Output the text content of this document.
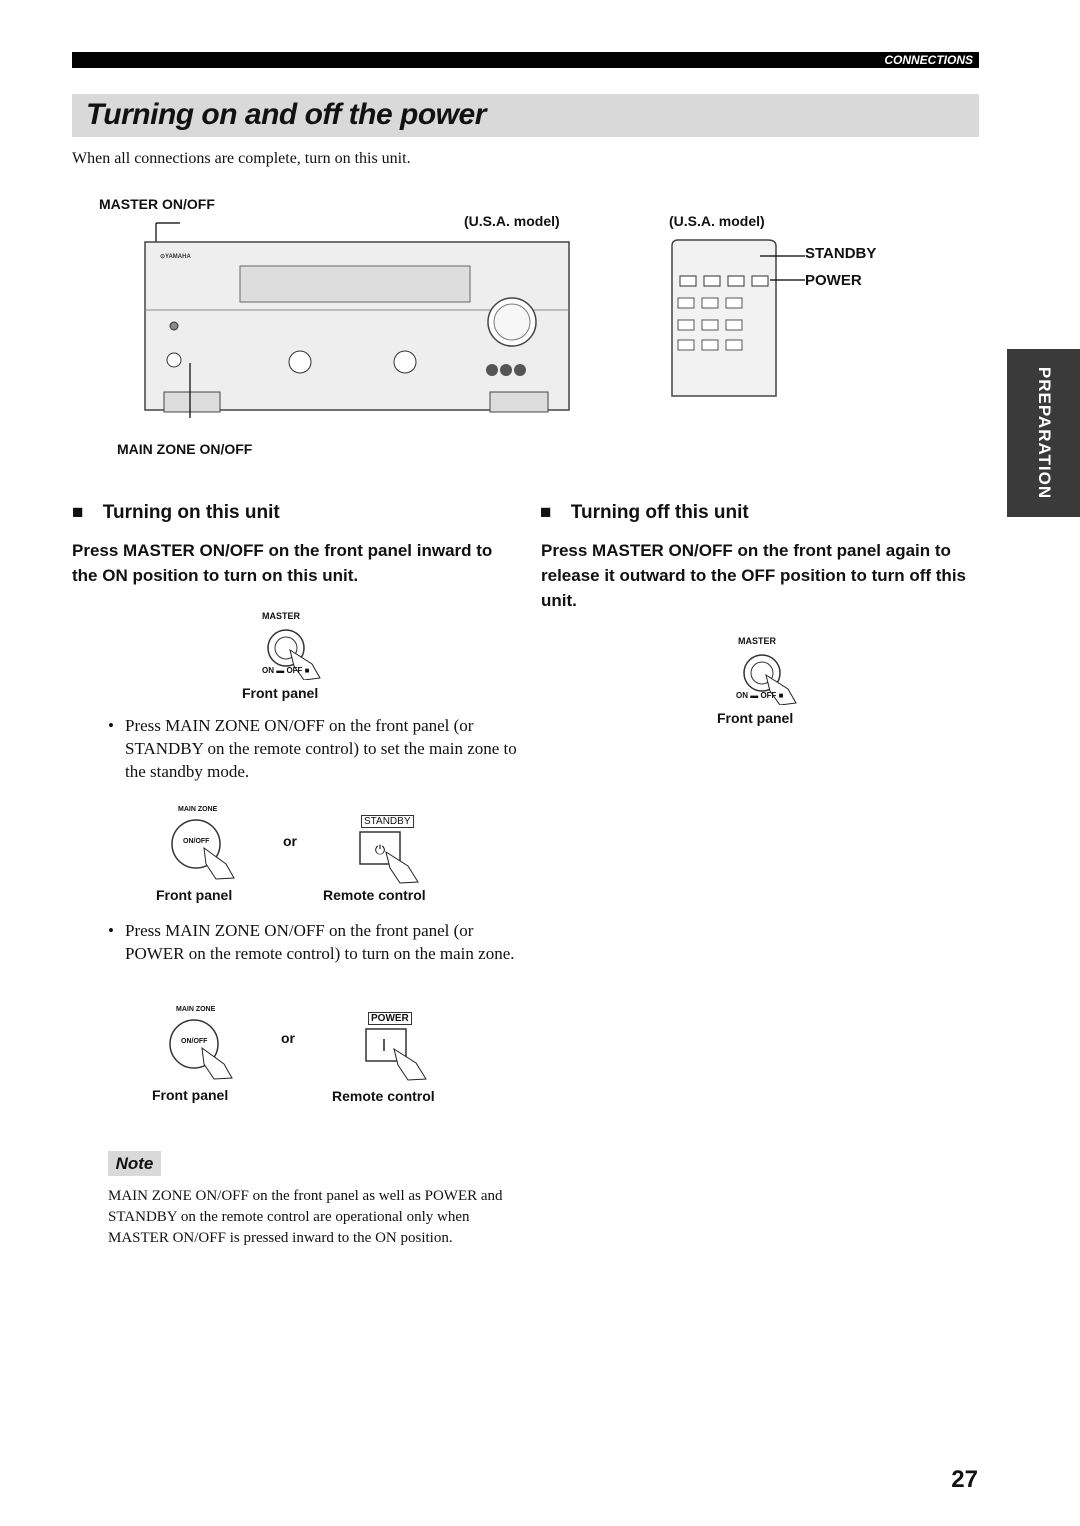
CONNECTIONS
Turning on and off the power
When all connections are complete, turn on this unit.
MASTER ON/OFF
(U.S.A. model)	(U.S.A. model)
STANDBY
POWER
MAIN ZONE ON/OFF
⊙YAMAHA
PREPARATION
■ Turning on this unit
Press MASTER ON/OFF on the front panel inward to the ON position to turn on this unit.
MASTER
ON ▬ OFF ■
Front panel
• Press MAIN ZONE ON/OFF on the front panel (or STANDBY on the remote control) to set the main zone to the standby mode.
MAIN ZONE
ON/OFF	or
STANDBY
⏻
Front panel	Remote control
• Press MAIN ZONE ON/OFF on the front panel (or POWER on the remote control) to turn on the main zone.
MAIN ZONE
ON/OFF	or
POWER
Front panel	Remote control
Note
MAIN ZONE ON/OFF on the front panel as well as POWER and STANDBY on the remote control are operational only when MASTER ON/OFF is pressed inward to the ON position.
■ Turning off this unit
Press MASTER ON/OFF on the front panel again to release it outward to the OFF position to turn off this unit.
MASTER
ON ▬ OFF ■
Front panel
27
